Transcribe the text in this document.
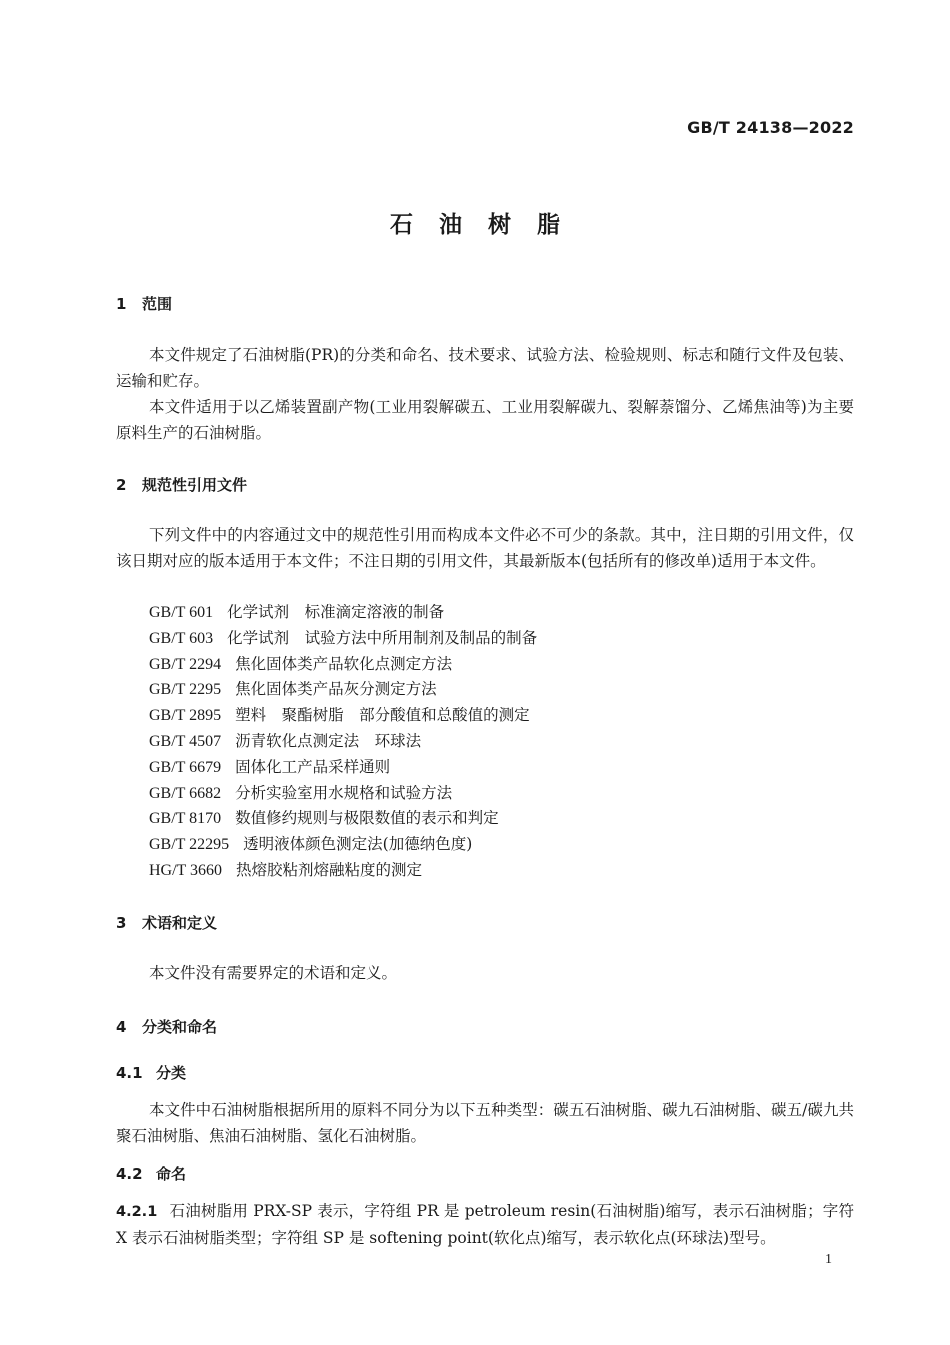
GB/T 24138—2022
石油树脂
1 范围
本文件规定了石油树脂(PR)的分类和命名、技术要求、试验方法、检验规则、标志和随行文件及包装、运输和贮存。
本文件适用于以乙烯装置副产物(工业用裂解碳五、工业用裂解碳九、裂解萘馏分、乙烯焦油等)为主要原料生产的石油树脂。
2 规范性引用文件
下列文件中的内容通过文中的规范性引用而构成本文件必不可少的条款。其中，注日期的引用文件，仅该日期对应的版本适用于本文件；不注日期的引用文件，其最新版本(包括所有的修改单)适用于本文件。
GB/T 601 化学试剂　标准滴定溶液的制备
GB/T 603 化学试剂　试验方法中所用制剂及制品的制备
GB/T 2294 焦化固体类产品软化点测定方法
GB/T 2295 焦化固体类产品灰分测定方法
GB/T 2895 塑料　聚酯树脂　部分酸值和总酸值的测定
GB/T 4507 沥青软化点测定法　环球法
GB/T 6679 固体化工产品采样通则
GB/T 6682 分析实验室用水规格和试验方法
GB/T 8170 数值修约规则与极限数值的表示和判定
GB/T 22295 透明液体颜色测定法(加德纳色度)
HG/T 3660 热熔胶粘剂熔融粘度的测定
3 术语和定义
本文件没有需要界定的术语和定义。
4 分类和命名
4.1 分类
本文件中石油树脂根据所用的原料不同分为以下五种类型：碳五石油树脂、碳九石油树脂、碳五/碳九共聚石油树脂、焦油石油树脂、氢化石油树脂。
4.2 命名
4.2.1 石油树脂用 PRX-SP 表示，字符组 PR 是 petroleum resin(石油树脂)缩写，表示石油树脂；字符 X 表示石油树脂类型；字符组 SP 是 softening point(软化点)缩写，表示软化点(环球法)型号。
1
